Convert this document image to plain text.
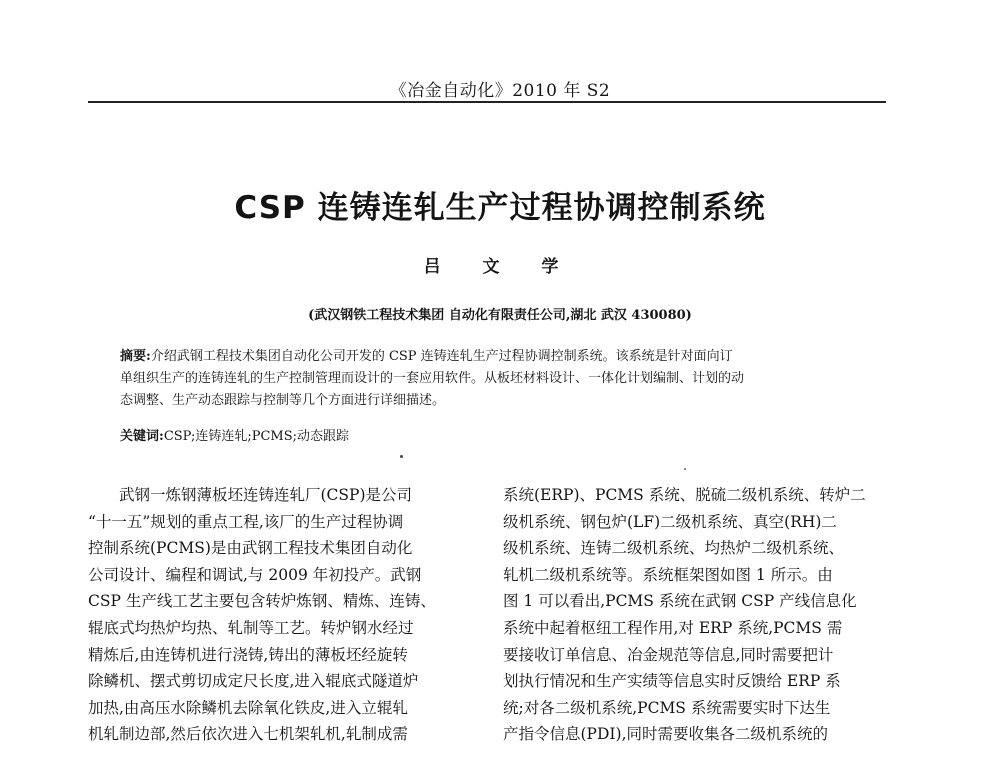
《冶金自动化》2010 年 S2
CSP 连铸连轧生产过程协调控制系统
吕 文 学
(武汉钢铁工程技术集团 自动化有限责任公司,湖北 武汉 430080)
摘要:介绍武钢工程技术集团自动化公司开发的 CSP 连铸连轧生产过程协调控制系统。该系统是针对面向订
单组织生产的连铸连轧的生产控制管理而设计的一套应用软件。从板坯材料设计、一体化计划编制、计划的动
态调整、生产动态跟踪与控制等几个方面进行详细描述。
关键词:CSP;连铸连轧;PCMS;动态跟踪
武钢一炼钢薄板坯连铸连轧厂(CSP)是公司
“十一五”规划的重点工程,该厂的生产过程协调
控制系统(PCMS)是由武钢工程技术集团自动化
公司设计、编程和调试,与 2009 年初投产。武钢
CSP 生产线工艺主要包含转炉炼钢、精炼、连铸、
辊底式均热炉均热、轧制等工艺。转炉钢水经过
精炼后,由连铸机进行浇铸,铸出的薄板坯经旋转
除鳞机、摆式剪切成定尺长度,进入辊底式隧道炉
加热,由高压水除鳞机去除氧化铁皮,进入立辊轧
机轧制边部,然后依次进入七机架轧机,轧制成需
系统(ERP)、PCMS 系统、脱硫二级机系统、转炉二
级机系统、钢包炉(LF)二级机系统、真空(RH)二
级机系统、连铸二级机系统、均热炉二级机系统、
轧机二级机系统等。系统框架图如图 1 所示。由
图 1 可以看出,PCMS 系统在武钢 CSP 产线信息化
系统中起着枢纽工程作用,对 ERP 系统,PCMS 需
要接收订单信息、冶金规范等信息,同时需要把计
划执行情况和生产实绩等信息实时反馈给 ERP 系
统;对各二级机系统,PCMS 系统需要实时下达生
产指令信息(PDI),同时需要收集各二级机系统的
